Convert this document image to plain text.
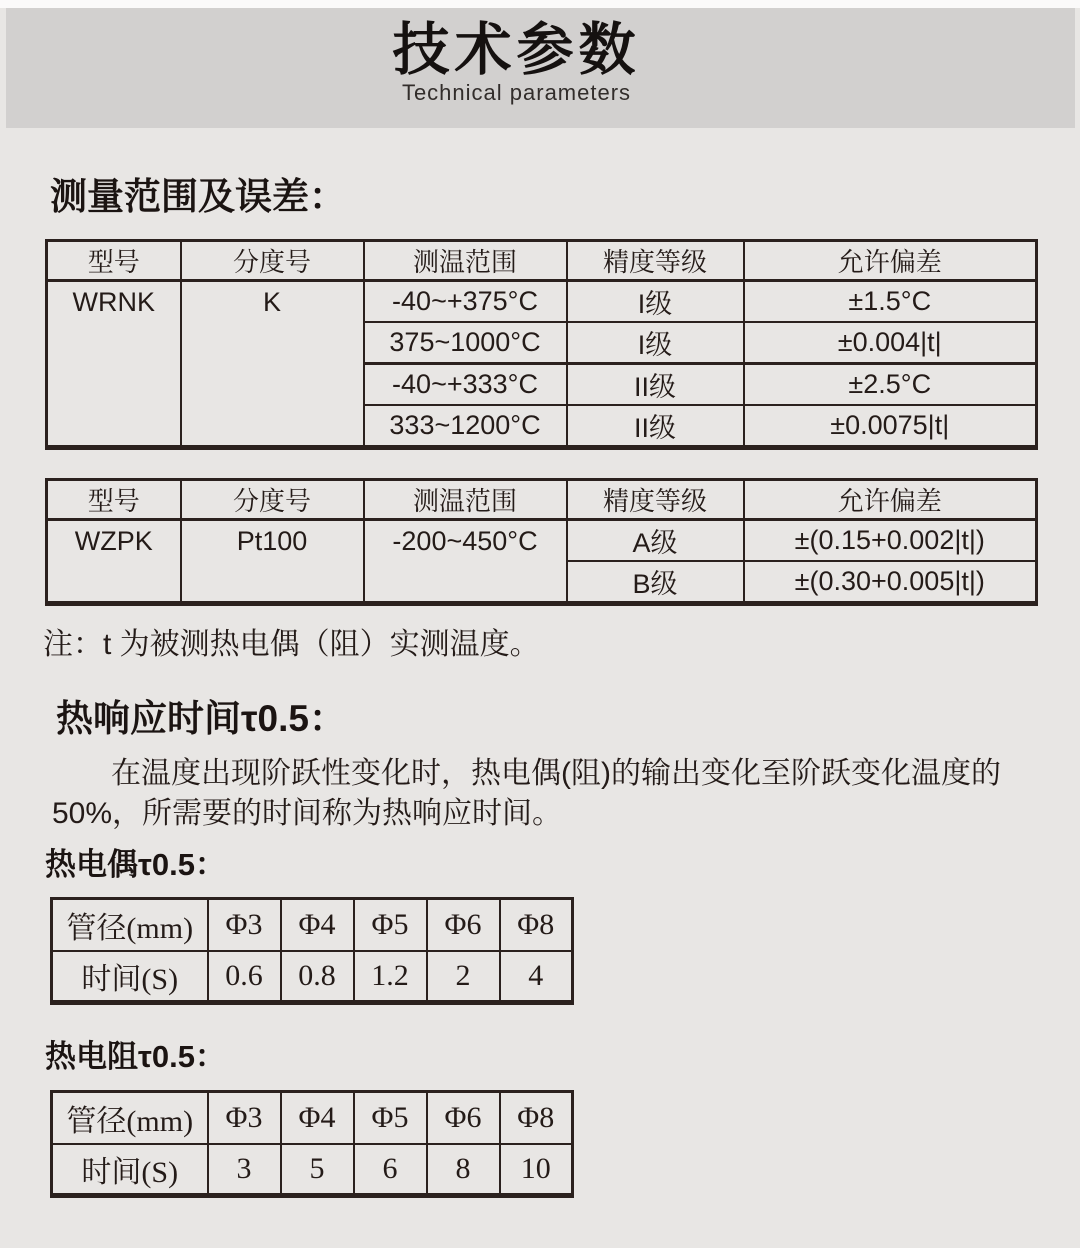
技术参数
Technical parameters
测量范围及误差：
型号	分度号	测温范围	精度等级	允许偏差
WRNK	K	-40~+375°C	I级	±1.5°C
		375~1000°C	I级	±0.004|t|
		-40~+333°C	II级	±2.5°C
		333~1200°C	II级	±0.0075|t|
型号	分度号	测温范围	精度等级	允许偏差
WZPK	Pt100	-200~450°C	A级	±(0.15+0.002|t|)
			B级	±(0.30+0.005|t|)
注：t 为被测热电偶（阻）实测温度。
热响应时间τ0.5：
在温度出现阶跃性变化时，热电偶(阻)的输出变化至阶跃变化温度的50%，所需要的时间称为热响应时间。
热电偶τ0.5：
管径(mm)	Φ3	Φ4	Φ5	Φ6	Φ8
时间(S)	0.6	0.8	1.2	2	4
热电阻τ0.5：
管径(mm)	Φ3	Φ4	Φ5	Φ6	Φ8
时间(S)	3	5	6	8	10
